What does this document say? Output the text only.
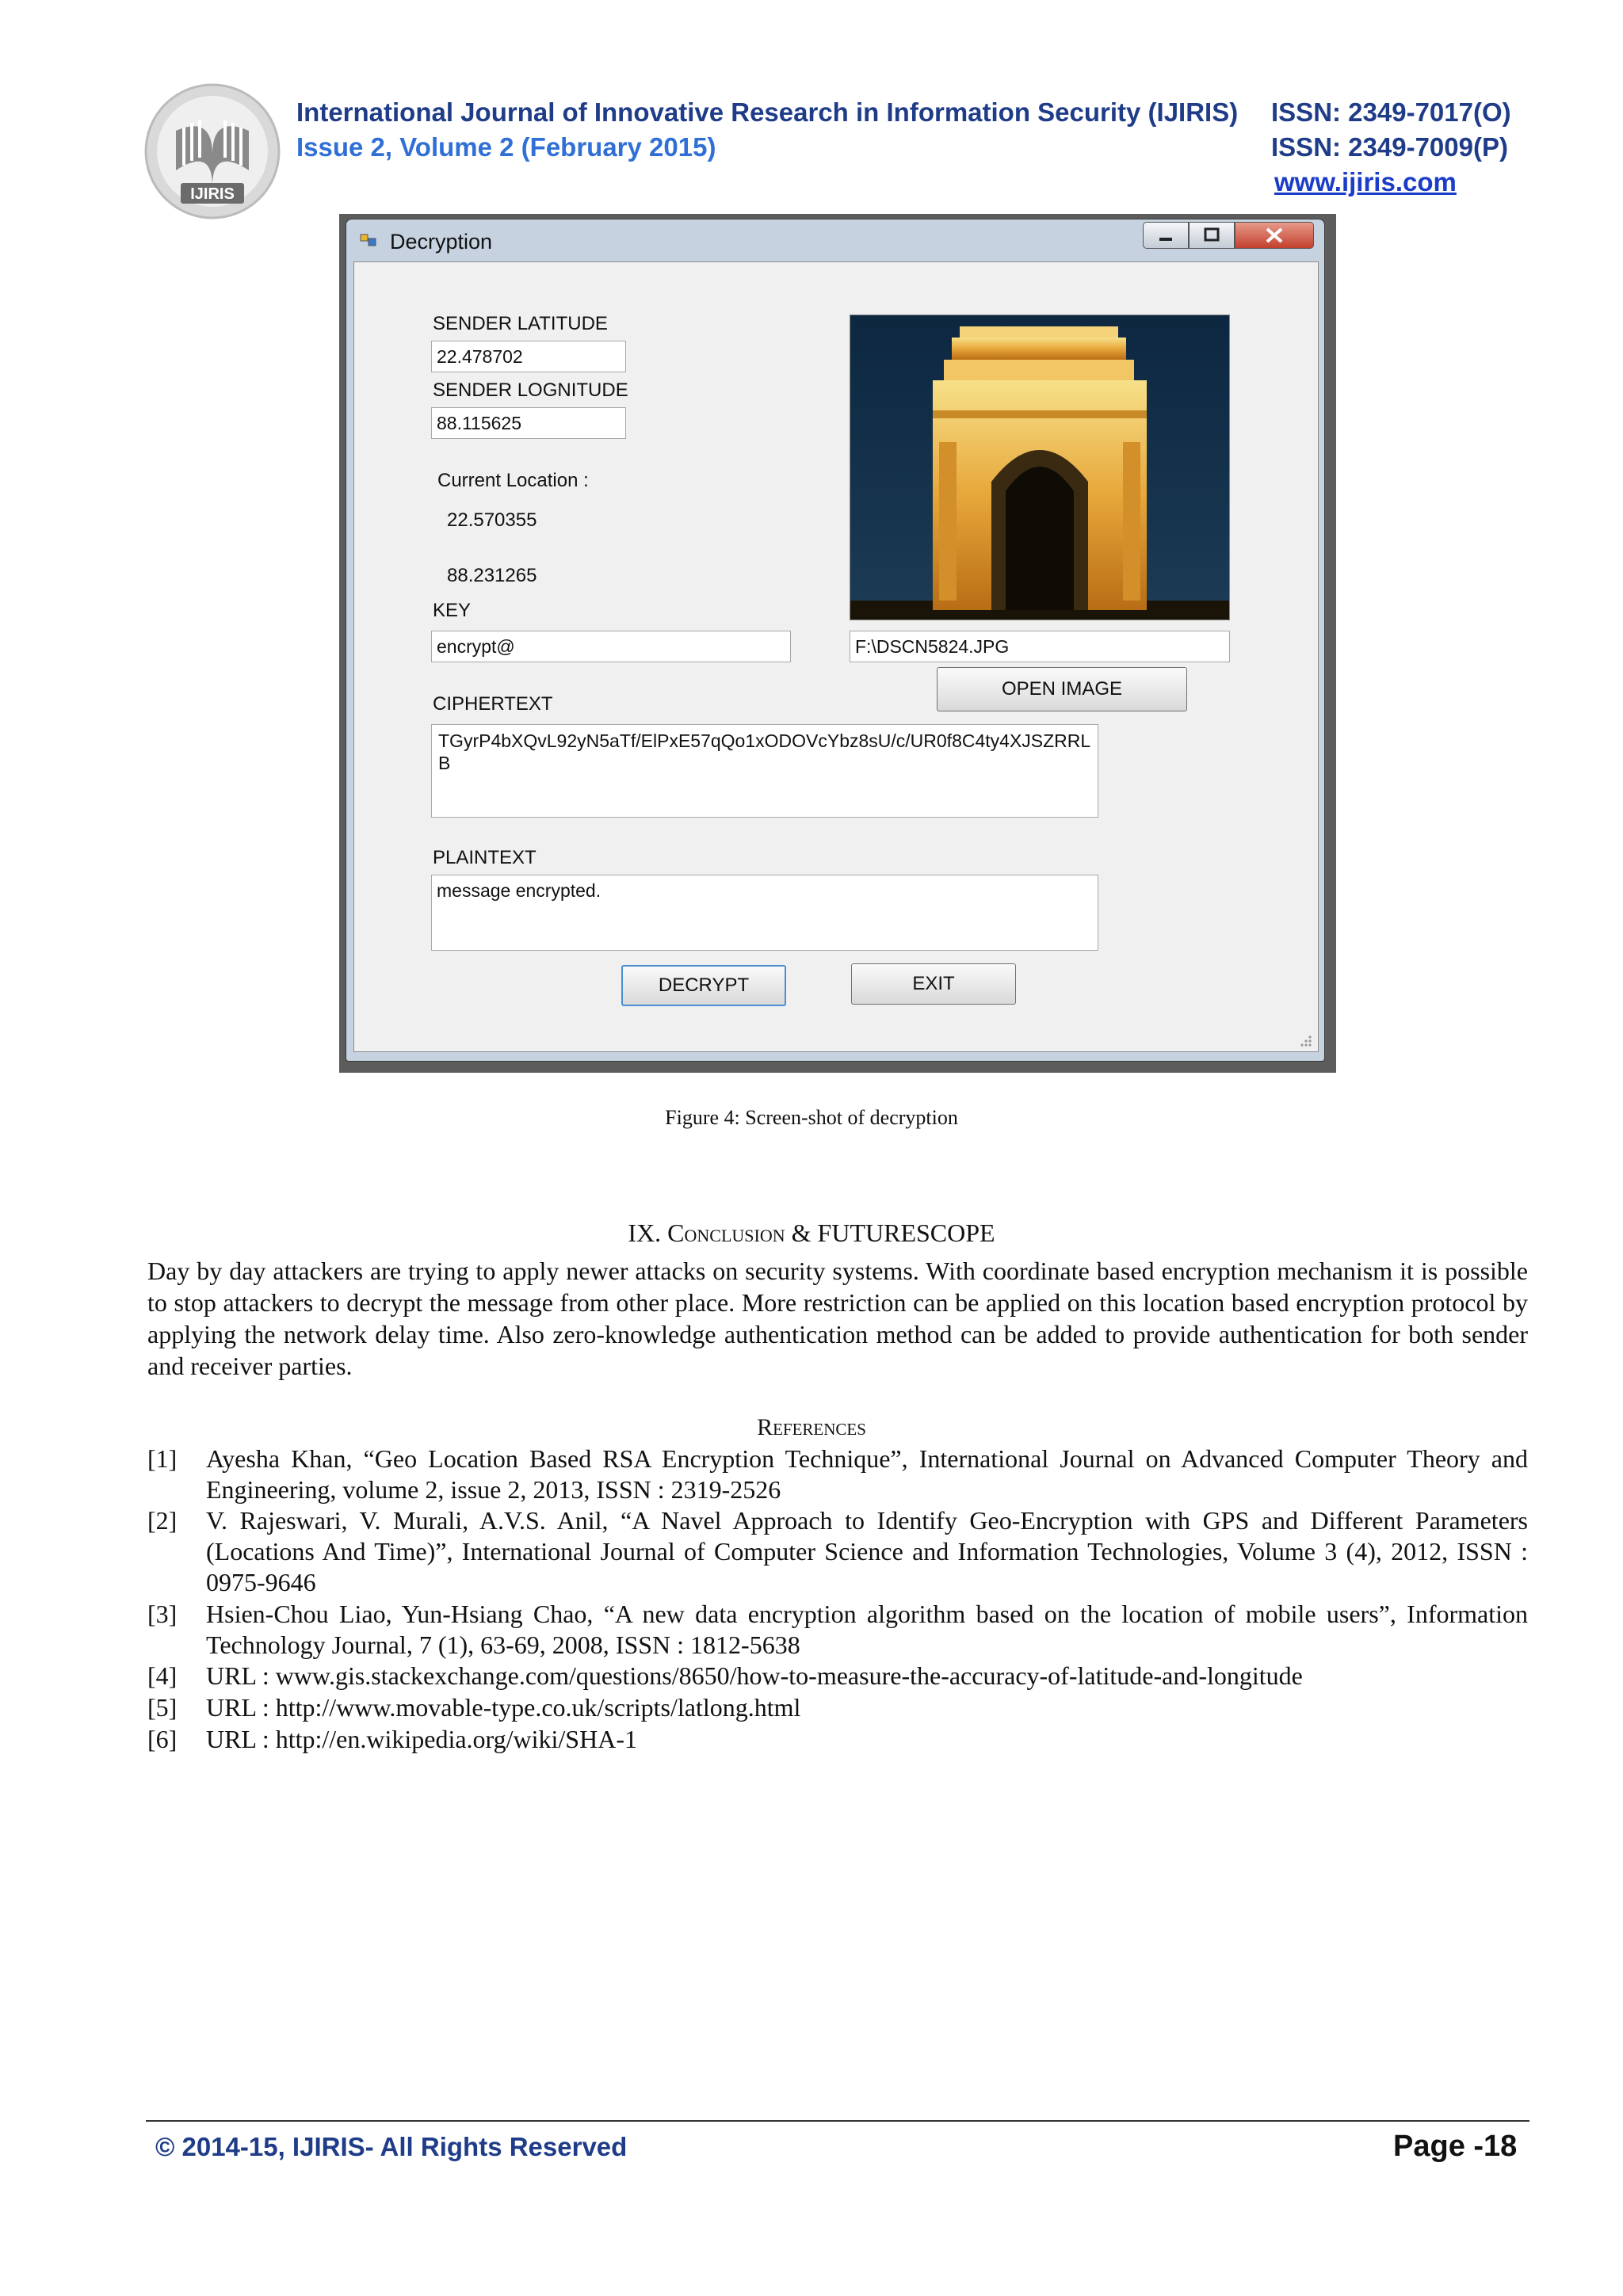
IJIRIS
International Journal of Innovative Research in Information Security (IJIRIS) ISSN: 2349-7017(O)
Issue 2, Volume 2 (February 2015)	ISSN: 2349-7009(P)
www.ijiris.com
Decryption
SENDER LATITUDE
22.478702
SENDER LOGNITUDE
88.115625
Current Location :
22.570355
88.231265
KEY
encrypt@	F:\DSCN5824.JPG
OPEN IMAGE
CIPHERTEXT
TGyrP4bXQvL92yN5aTf/ElPxE57qQo1xODOVcYbz8sU/c/UR0f8C4ty4XJSZRRL
B
PLAINTEXT
message encrypted.
DECRYPT	EXIT
Figure 4: Screen-shot of decryption
IX. Conclusion & FUTURESCOPE
Day by day attackers are trying to apply newer attacks on security systems. With coordinate based encryption mechanism it is possible to stop attackers to decrypt the message from other place. More restriction can be applied on this location based encryption protocol by applying the network delay time. Also zero-knowledge authentication method can be added to provide authentication for both sender and receiver parties.
References
[1] Ayesha Khan, “Geo Location Based RSA Encryption Technique”, International Journal on Advanced Computer Theory and Engineering, volume 2, issue 2, 2013, ISSN : 2319-2526
[2] V. Rajeswari, V. Murali, A.V.S. Anil, “A Navel Approach to Identify Geo-Encryption with GPS and Different Parameters (Locations And Time)”, International Journal of Computer Science and Information Technologies, Volume 3 (4), 2012, ISSN : 0975-9646
[3] Hsien-Chou Liao, Yun-Hsiang Chao, “A new data encryption algorithm based on the location of mobile users”, Information Technology Journal, 7 (1), 63-69, 2008, ISSN : 1812-5638
[4] URL : www.gis.stackexchange.com/questions/8650/how-to-measure-the-accuracy-of-latitude-and-longitude
[5] URL : http://www.movable-type.co.uk/scripts/latlong.html
[6] URL : http://en.wikipedia.org/wiki/SHA-1
© 2014-15, IJIRIS- All Rights Reserved	Page -18
